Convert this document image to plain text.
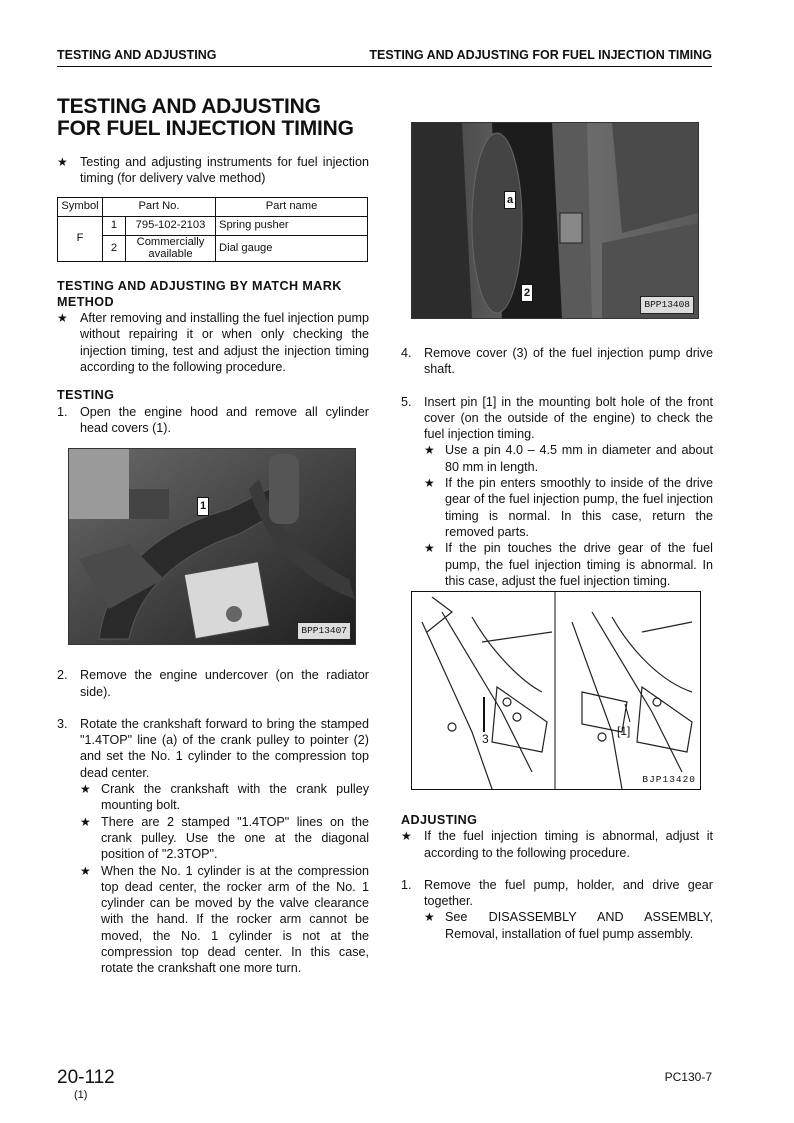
TESTING AND ADJUSTING	TESTING AND ADJUSTING FOR FUEL INJECTION TIMING
TESTING AND ADJUSTING
FOR FUEL INJECTION TIMING
★ Testing and adjusting instruments for fuel injection timing (for delivery valve method)
Symbol	Part No.		Part name
F	1	795-102-2103	Spring pusher
	2	Commercially available	Dial gauge
TESTING AND ADJUSTING BY MATCH MARK METHOD
★ After removing and installing the fuel injection pump without repairing it or when only checking the injection timing, test and adjust the injection timing according to the following procedure.
TESTING
1. Open the engine hood and remove all cylinder head covers (1).
1
BPP13407
2. Remove the engine undercover (on the radiator side).
3. Rotate the crankshaft forward to bring the stamped "1.4TOP" line (a) of the crank pulley to pointer (2) and set the No. 1 cylinder to the compression top dead center.
★ Crank the crankshaft with the crank pulley mounting bolt.
★ There are 2 stamped "1.4TOP" lines on the crank pulley. Use the one at the diagonal position of "2.3TOP".
★ When the No. 1 cylinder is at the compression top dead center, the rocker arm of the No. 1 cylinder can be moved by the valve clearance with the hand. If the rocker arm cannot be moved, the No. 1 cylinder is not at the compression top dead center. In this case, rotate the crankshaft one more turn.
a
2
BPP13408
4. Remove cover (3) of the fuel injection pump drive shaft.
5. Insert pin [1] in the mounting bolt hole of the front cover (on the outside of the engine) to check the fuel injection timing.
★ Use a pin 4.0 – 4.5 mm in diameter and about 80 mm in length.
★ If the pin enters smoothly to inside of the drive gear of the fuel injection pump, the fuel injection timing is normal. In this case, return the removed parts.
★ If the pin touches the drive gear of the fuel pump, the fuel injection timing is abnormal. In this case, adjust the fuel injection timing.
ADJUSTING
★ If the fuel injection timing is abnormal, adjust it according to the following procedure.
1. Remove the fuel pump, holder, and drive gear together.
★ See DISASSEMBLY AND ASSEMBLY, Removal, installation of fuel pump assembly.
3
[1]
BJP13420
20-112
(1)
PC130-7
